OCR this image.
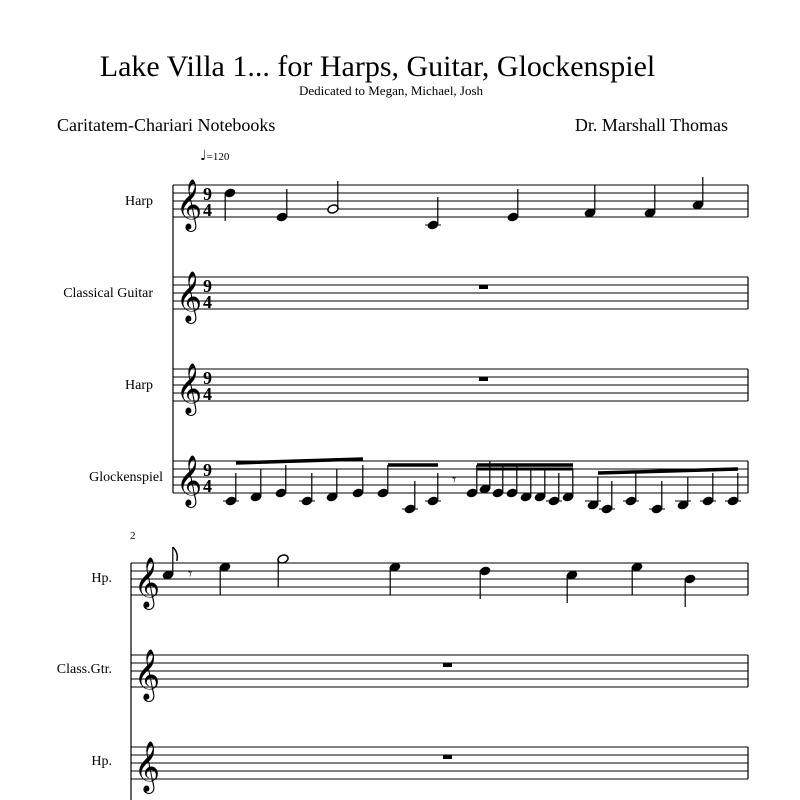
Lake Villa 1... for Harps, Guitar, Glockenspiel
Dedicated to Megan, Michael, Josh
Caritatem-Chariari Notebooks	Dr. Marshall Thomas
♩=120
Harp
Classical Guitar
Harp
Glockenspiel
2
Hp.
Class.Gtr.
Hp.
𝄞 9
4
𝄞 9
4
𝄞 9
4
𝄞 9
4	𝄾
𝄞
𝄞
𝄞
𝄾
